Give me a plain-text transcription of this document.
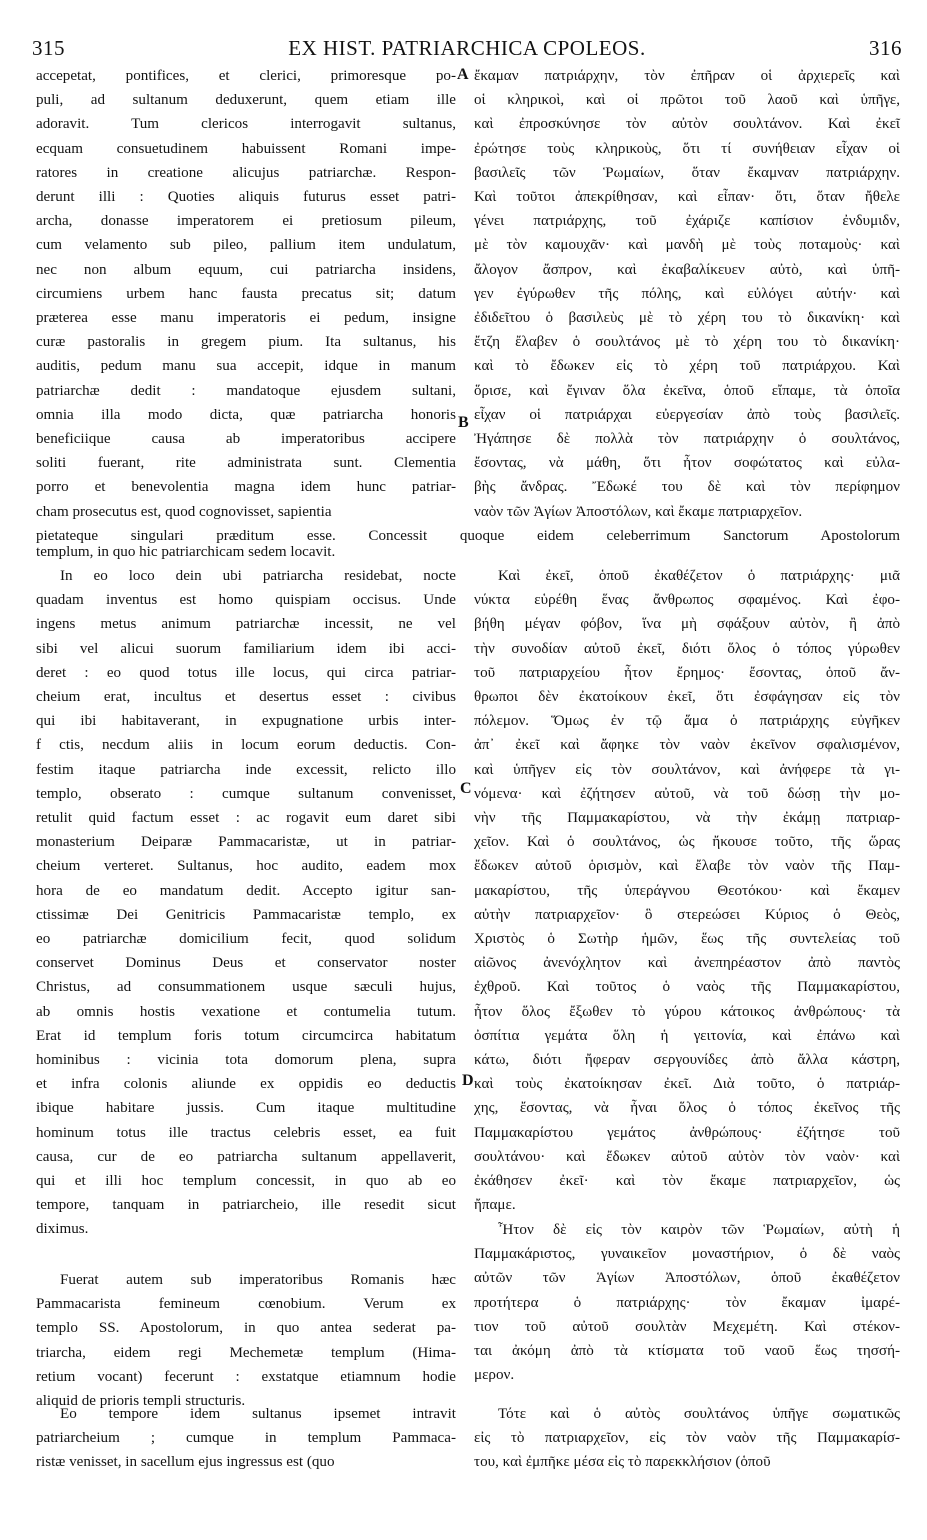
315	EX HIST. PATRIARCHICA CPOLEOS.	316
A
B
C
D
accepetat, pontifices, et clerici, primoresque po-
puli, ad sultanum deduxerunt, quem etiam ille
adoravit. Tum clericos interrogavit sultanus,
ecquam consuetudinem habuissent Romani impe-
ratores in creatione alicujus patriarchæ. Respon-
derunt illi : Quoties aliquis futurus esset patri-
archa, donasse imperatorem ei pretiosum pileum,
cum velamento sub pileo, pallium item undulatum,
nec non album equum, cui patriarcha insidens,
circumiens urbem hanc fausta precatus sit; datum
præterea esse manu imperatoris ei pedum, insigne
curæ pastoralis in gregem pium. Ita sultanus, his
auditis, pedum manu sua accepit, idque in manum
patriarchæ dedit : mandatoque ejusdem sultani,
omnia illa modo dicta, quæ patriarcha honoris
beneficiique causa ab imperatoribus accipere
soliti fuerant, rite administrata sunt. Clementia
porro et benevolentia magna idem hunc patriar-
cham prosecutus est, quod cognovisset, sapientia
pietateque singulari præditum esse. Concessit quoque eidem celeberrimum Sanctorum Apostolorum
templum, in quo hic patriarchicam sedem locavit.
In eo loco dein ubi patriarcha residebat, nocte
quadam inventus est homo quispiam occisus. Unde
ingens metus animum patriarchæ incessit, ne vel
sibi vel alicui suorum familiarium idem ibi acci-
deret : eo quod totus ille locus, qui circa patriar-
cheium erat, incultus et desertus esset : civibus
qui ibi habitaverant, in expugnatione urbis inter-
f ctis, necdum aliis in locum eorum deductis. Con-
festim itaque patriarcha inde excessit, relicto illo
templo, obserato : cumque sultanum convenisset,
retulit quid factum esset : ac rogavit eum daret sibi
monasterium Deiparæ Pammacaristæ, ut in patriar-
cheium verteret. Sultanus, hoc audito, eadem mox
hora de eo mandatum dedit. Accepto igitur san-
ctissimæ Dei Genitricis Pammacaristæ templo, ex
eo patriarchæ domicilium fecit, quod solidum
conservet Dominus Deus et conservator noster
Christus, ad consummationem usque sæculi hujus,
ab omnis hostis vexatione et contumelia tutum.
Erat id templum foris totum circumcirca habitatum
hominibus : vicinia tota domorum plena, supra
et infra colonis aliunde ex oppidis eo deductis
ibique habitare jussis. Cum itaque multitudine
hominum totus ille tractus celebris esset, ea fuit
causa, cur de eo patriarcha sultanum appellaverit,
qui et illi hoc templum concessit, in quo ab eo
tempore, tanquam in patriarcheio, ille resedit sicut
diximus.
Fuerat autem sub imperatoribus Romanis hæc
Pammacarista femineum cœnobium. Verum ex
templo SS. Apostolorum, in quo antea sederat pa-
triarcha, eidem regi Mechemetæ templum (Hima-
retium vocant) fecerunt : exstatque etiamnum hodie
aliquid de prioris templi structuris.
Eo tempore idem sultanus ipsemet intravit
patriarcheium ; cumque in templum Pammaca-
ristæ venisset, in sacellum ejus ingressus est (quo
ἔκαμαν πατριάρχην, τὸν ἐπῆραν οἱ ἀρχιερεῖς καὶ
οἱ κληρικοὶ, καὶ οἱ πρῶτοι τοῦ λαοῦ καὶ ὑπῆγε,
καὶ ἐπροσκύνησε τὸν αὐτὸν σουλτάνον. Καὶ ἐκεῖ
ἐρώτησε τοὺς κληρικοὺς, ὅτι τί συνήθειαν εἶχαν οἱ
βασιλεῖς τῶν Ῥωμαίων, ὅταν ἔκαμναν πατριάρχην.
Καὶ τοῦτοι ἀπεκρίθησαν, καὶ εἶπαν· ὅτι, ὅταν ἤθελε
γένει πατριάρχης, τοῦ ἐχάριζε καπίσιον ἐνδυμιδν,
μὲ τὸν καμουχᾶν· καὶ μανδὴ μὲ τοὺς ποταμοὺς· καὶ
ἄλογον ἄσπρον, καὶ ἐκαβαλίκευεν αὐτὸ, καὶ ὑπῆ-
γεν ἐγύρωθεν τῆς πόλης, καὶ εὐλόγει αὐτήν· καὶ
ἐδιδεῖτου ὁ βασιλεὺς μὲ τὸ χέρη του τὸ δικανίκη· καὶ
ἔτζη ἔλαβεν ὁ σουλτάνος μὲ τὸ χέρη του τὸ δικανίκη·
καὶ τὸ ἔδωκεν εἰς τὸ χέρη τοῦ πατριάρχου. Καὶ
ὅρισε, καὶ ἔγιναν ὅλα ἐκεῖνα, ὁποῦ εἴπαμε, τὰ ὁποῖα
εἶχαν οἱ πατριάρχαι εὐεργεσίαν ἀπὸ τοὺς βασιλεῖς.
Ἠγάπησε δὲ πολλὰ τὸν πατριάρχην ὁ σουλτάνος,
ἔσοντας, νὰ μάθη, ὅτι ἦτον σοφώτατος καὶ εὐλα-
βὴς ἄνδρας. Ἔδωκέ του δὲ καὶ τὸν περίφημον
ναὸν τῶν Ἁγίων Ἀποστόλων, καὶ ἔκαμε πατριαρχεῖον.
Καὶ ἐκεῖ, ὁποῦ ἐκαθέζετον ὁ πατριάρχης· μιᾶ
νύκτα εὑρέθη ἕνας ἄνθρωπος σφαμένος. Καὶ ἐφο-
βήθη μέγαν φόβον, ἵνα μὴ σφάξουν αὐτὸν, ἢ ἀπὸ
τὴν συνοδίαν αὐτοῦ ἐκεῖ, διότι ὅλος ὁ τόπος γύρωθεν
τοῦ πατριαρχείου ἦτον ἔρημος· ἔσοντας, ὁποῦ ἄν-
θρωποι δὲν ἐκατοίκουν ἐκεῖ, ὅτι ἐσφάγησαν εἰς τὸν
πόλεμον. Ὅμως ἐν τῷ ἅμα ὁ πατριάρχης εὐγῆκεν
ἀπ᾽ ἐκεῖ καὶ ἄφηκε τὸν ναὸν ἐκεῖνον σφαλισμένον,
καὶ ὑπῆγεν εἰς τὸν σουλτάνον, καὶ ἀνήφερε τὰ γι-
νόμενα· καὶ ἐζήτησεν αὐτοῦ, νὰ τοῦ δώσῃ τὴν μο-
νὴν τῆς Παμμακαρίστου, νὰ τὴν ἐκάμῃ πατριαρ-
χεῖον. Καὶ ὁ σουλτάνος, ὡς ἤκουσε τοῦτο, τῆς ὥρας
ἔδωκεν αὐτοῦ ὁρισμὸν, καὶ ἔλαβε τὸν ναὸν τῆς Παμ-
μακαρίστου, τῆς ὑπεράγνου Θεοτόκου· καὶ ἔκαμεν
αὐτὴν πατριαρχεῖον· ὃ στερεώσει Κύριος ὁ Θεὸς,
Χριστὸς ὁ Σωτὴρ ἡμῶν, ἕως τῆς συντελείας τοῦ
αἰῶνος ἀνενόχλητον καὶ ἀνεπηρέαστον ἀπὸ παντὸς
ἐχθροῦ. Καὶ τοῦτος ὁ ναὸς τῆς Παμμακαρίστου,
ἦτον ὅλος ἔξωθεν τὸ γύρου κάτοικος ἀνθρώπους· τὰ
ὀσπίτια γεμάτα ὅλη ἡ γειτονία, καὶ ἐπάνω καὶ
κάτω, διότι ἤφεραν σεργουνίδες ἀπὸ ἄλλα κάστρη,
καὶ τοὺς ἐκατοίκησαν ἐκεῖ. Διὰ τοῦτο, ὁ πατριάρ-
χης, ἔσοντας, νὰ ἦναι ὅλος ὁ τόπος ἐκεῖνος τῆς
Παμμακαρίστου γεμάτος ἀνθρώπους· ἐζήτησε τοῦ
σουλτάνου· καὶ ἔδωκεν αὐτοῦ αὐτὸν τὸν ναὸν· καὶ
ἐκάθησεν ἐκεῖ· καὶ τὸν ἔκαμε πατριαρχεῖον, ὡς
ἤπαμε.
Ἦτον δὲ εἰς τὸν καιρὸν τῶν Ῥωμαίων, αὐτὴ ἡ
Παμμακάριστος, γυναικεῖον μοναστήριον, ὁ δὲ ναὸς
αὐτῶν τῶν Ἁγίων Ἀποστόλων, ὁποῦ ἐκαθέζετον
προτήτερα ὁ πατριάρχης· τὸν ἔκαμαν ἰμαρέ-
τιον τοῦ αὐτοῦ σουλτὰν Μεχεμέτη. Καὶ στέκον-
ται ἀκόμη ἀπὸ τὰ κτίσματα τοῦ ναοῦ ἕως τησσή-
μερον.
Τότε καὶ ὁ αὐτὸς σουλτάνος ὑπῆγε σωματικῶς
εἰς τὸ πατριαρχεῖον, εἰς τὸν ναὸν τῆς Παμμακαρίσ-
του, καὶ ἐμπῆκε μέσα εἰς τὸ παρεκκλήσιον (ὁποῦ
